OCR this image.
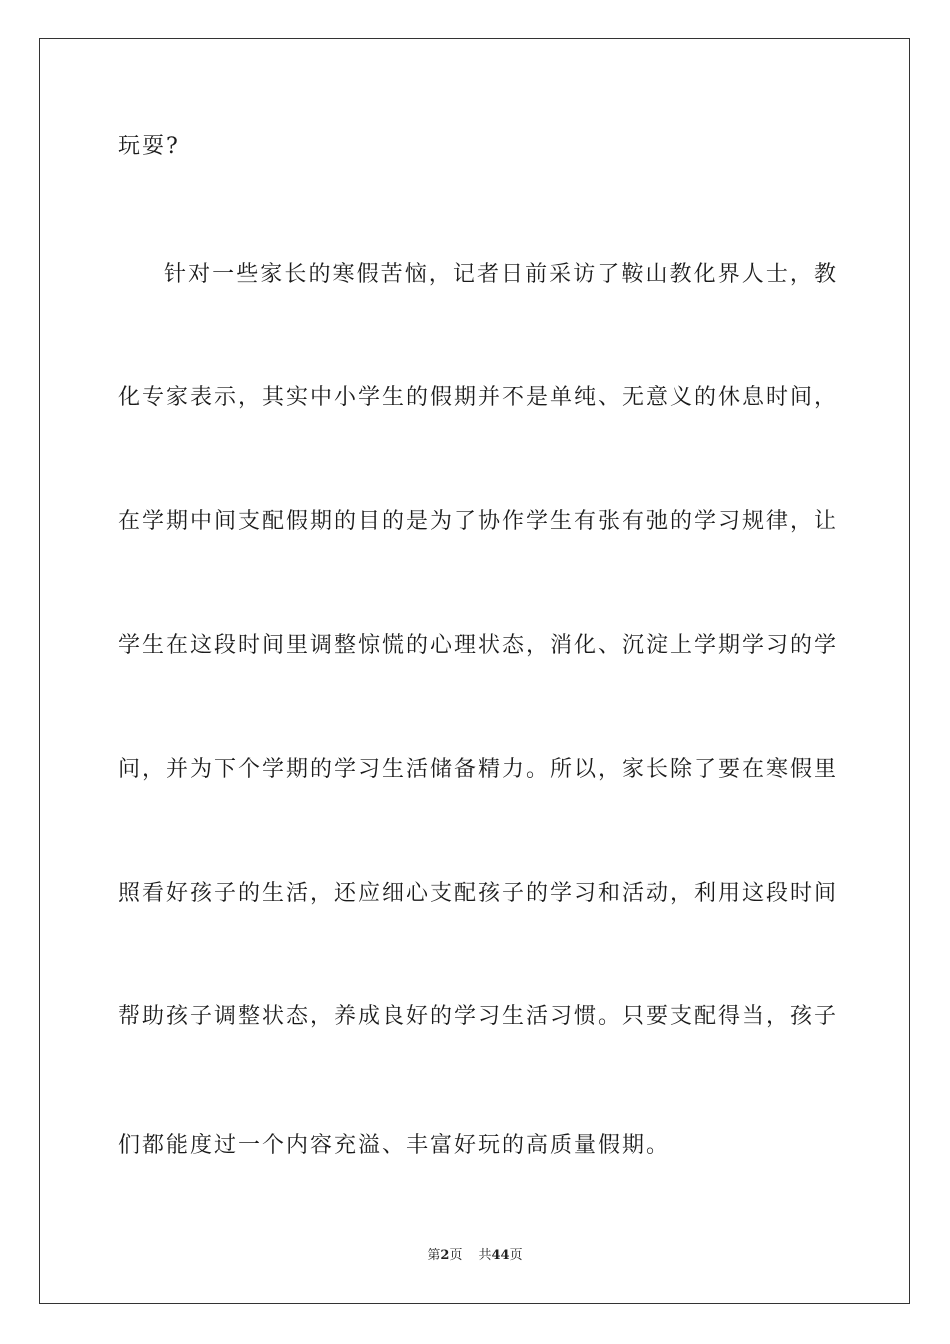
玩耍?
针对一些家长的寒假苦恼，记者日前采访了鞍山教化界人士，教
化专家表示，其实中小学生的假期并不是单纯、无意义的休息时间，
在学期中间支配假期的目的是为了协作学生有张有弛的学习规律，让
学生在这段时间里调整惊慌的心理状态，消化、沉淀上学期学习的学
问，并为下个学期的学习生活储备精力。所以，家长除了要在寒假里
照看好孩子的生活，还应细心支配孩子的学习和活动，利用这段时间
帮助孩子调整状态，养成良好的学习生活习惯。只要支配得当，孩子
们都能度过一个内容充溢、丰富好玩的高质量假期。
第2页 共44页
